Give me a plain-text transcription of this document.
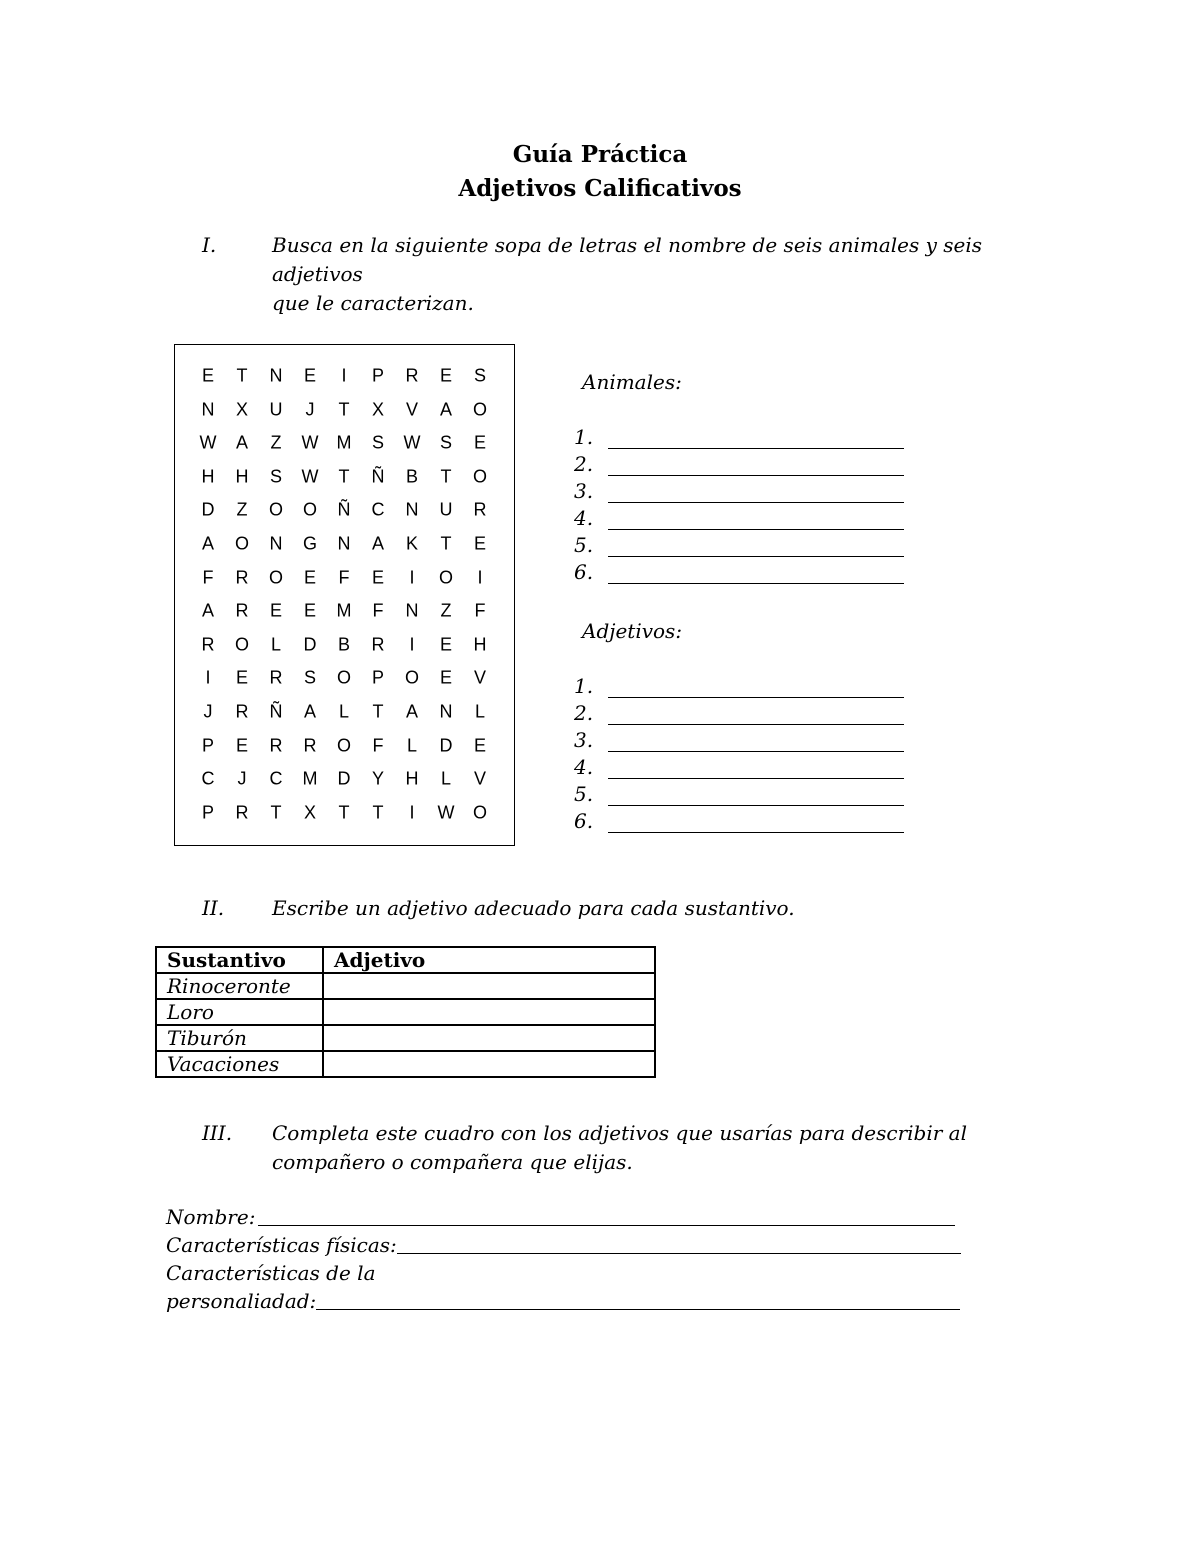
Guía Práctica
Adjetivos Calificativos
I.	Busca en la siguiente sopa de letras el nombre de seis animales y seis adjetivos
que le caracterizan.
E	T	N	E	I	P	R	E	S
N	X	U	J	T	X	V	A	O
W	A	Z	W	M	S	W	S	E
H	H	S	W	T	Ñ	B	T	O
D	Z	O	O	Ñ	C	N	U	R
A	O	N	G	N	A	K	T	E
F	R	O	E	F	E	I	O	I
A	R	E	E	M	F	N	Z	F
R	O	L	D	B	R	I	E	H
I	E	R	S	O	P	O	E	V
J	R	Ñ	A	L	T	A	N	L
P	E	R	R	O	F	L	D	E
C	J	C	M	D	Y	H	L	V
P	R	T	X	T	T	I	W	O
Animales:
1.
2.
3.
4.
5.
6.
Adjetivos:
1.
2.
3.
4.
5.
6.
II.	Escribe un adjetivo adecuado para cada sustantivo.
Sustantivo	Adjetivo
Rinoceronte	
Loro	
Tiburón	
Vacaciones	
III.	Completa este cuadro con los adjetivos que usarías para describir al
compañero o compañera que elijas.
Nombre:
Características físicas:
Características de la
personaliadad:
